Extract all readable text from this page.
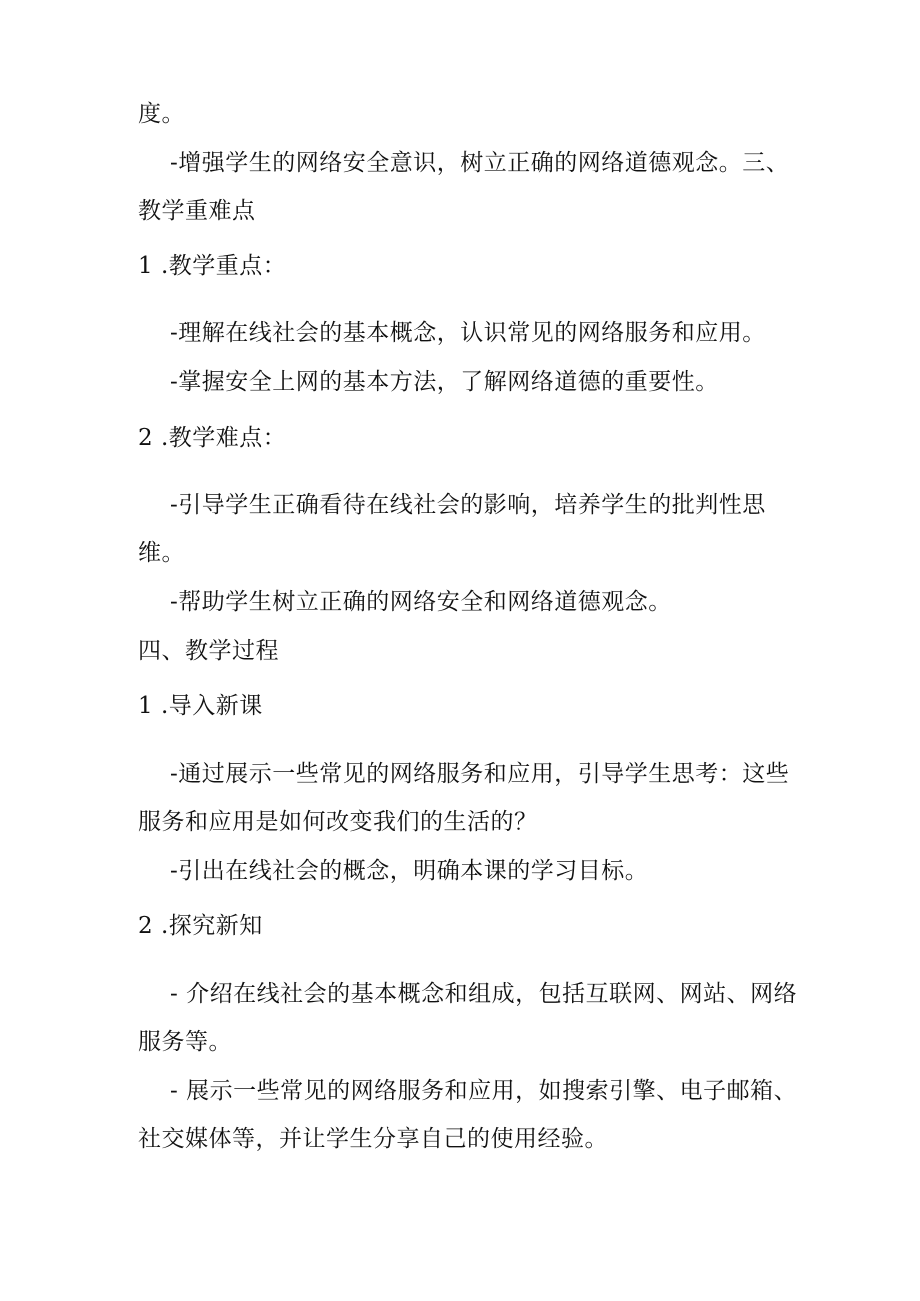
度。
-增强学生的网络安全意识，树立正确的网络道德观念。三、
教学重难点
1 .教学重点：
-理解在线社会的基本概念，认识常见的网络服务和应用。
-掌握安全上网的基本方法，了解网络道德的重要性。
2 .教学难点：
-引导学生正确看待在线社会的影响，培养学生的批判性思
维。
-帮助学生树立正确的网络安全和网络道德观念。
四、教学过程
1 .导入新课
-通过展示一些常见的网络服务和应用，引导学生思考：这些
服务和应用是如何改变我们的生活的？
-引出在线社会的概念，明确本课的学习目标。
2 .探究新知
- 介绍在线社会的基本概念和组成，包括互联网、网站、网络
服务等。
- 展示一些常见的网络服务和应用，如搜索引擎、电子邮箱、
社交媒体等，并让学生分享自己的使用经验。
